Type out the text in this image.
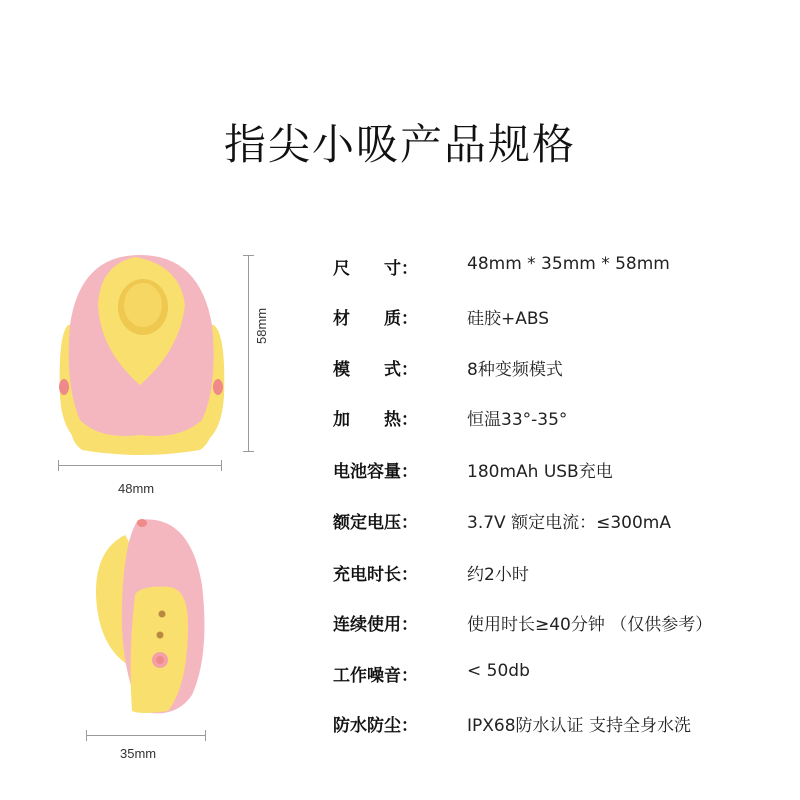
指尖小吸产品规格
58mm
48mm
35mm
尺　　寸：	48mm * 35mm * 58mm
材　　质：	硅胶+ABS
模　　式：	8种变频模式
加　　热：	恒温33°-35°
电池容量：	180mAh USB充电
额定电压：	3.7V 额定电流：≤300mA
充电时长：	约2小时
连续使用：	使用时长≥40分钟 （仅供参考）
工作噪音：	< 50db
防水防尘：	IPX68防水认证 支持全身水洗
